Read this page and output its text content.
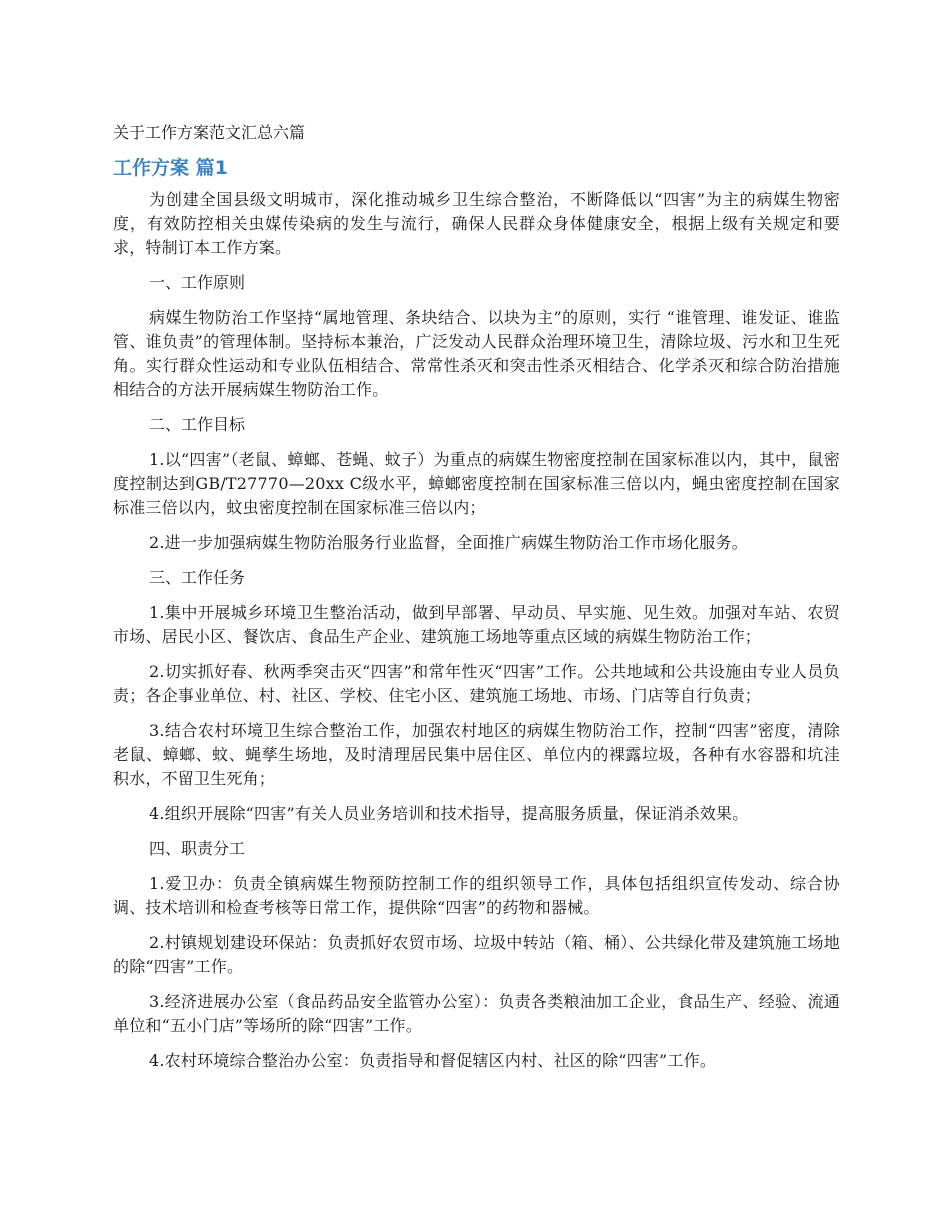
关于工作方案范文汇总六篇
工作方案 篇1

为创建全国县级文明城市，深化推动城乡卫生综合整治，不断降低以“四害”为主的病媒生物密度，有效防控相关虫媒传染病的发生与流行，确保人民群众身体健康安全，根据上级有关规定和要求，特制订本工作方案。

一、工作原则

病媒生物防治工作坚持“属地管理、条块结合、以块为主”的原则，实行 “谁管理、谁发证、谁监管、谁负责”的管理体制。坚持标本兼治，广泛发动人民群众治理环境卫生，清除垃圾、污水和卫生死角。实行群众性运动和专业队伍相结合、常常性杀灭和突击性杀灭相结合、化学杀灭和综合防治措施相结合的方法开展病媒生物防治工作。

二、工作目标

1.以“四害”（老鼠、蟑螂、苍蝇、蚊子）为重点的病媒生物密度控制在国家标准以内，其中，鼠密度控制达到GB/T27770—20xx C级水平，蟑螂密度控制在国家标准三倍以内，蝇虫密度控制在国家标准三倍以内，蚊虫密度控制在国家标准三倍以内；

2.进一步加强病媒生物防治服务行业监督，全面推广病媒生物防治工作市场化服务。

三、工作任务

1.集中开展城乡环境卫生整治活动，做到早部署、早动员、早实施、见生效。加强对车站、农贸市场、居民小区、餐饮店、食品生产企业、建筑施工场地等重点区域的病媒生物防治工作；

2.切实抓好春、秋两季突击灭“四害”和常年性灭“四害”工作。公共地域和公共设施由专业人员负责；各企事业单位、村、社区、学校、住宅小区、建筑施工场地、市场、门店等自行负责；

3.结合农村环境卫生综合整治工作，加强农村地区的病媒生物防治工作，控制“四害”密度，清除老鼠、蟑螂、蚊、蝇孳生场地，及时清理居民集中居住区、单位内的裸露垃圾，各种有水容器和坑洼积水，不留卫生死角；

4.组织开展除“四害”有关人员业务培训和技术指导，提高服务质量，保证消杀效果。

四、职责分工

1.爱卫办：负责全镇病媒生物预防控制工作的组织领导工作，具体包括组织宣传发动、综合协调、技术培训和检查考核等日常工作，提供除“四害”的药物和器械。

2.村镇规划建设环保站：负责抓好农贸市场、垃圾中转站（箱、桶）、公共绿化带及建筑施工场地的除“四害”工作。

3.经济进展办公室（食品药品安全监管办公室）：负责各类粮油加工企业，食品生产、经验、流通单位和“五小门店”等场所的除“四害”工作。

4.农村环境综合整治办公室：负责指导和督促辖区内村、社区的除“四害”工作。
